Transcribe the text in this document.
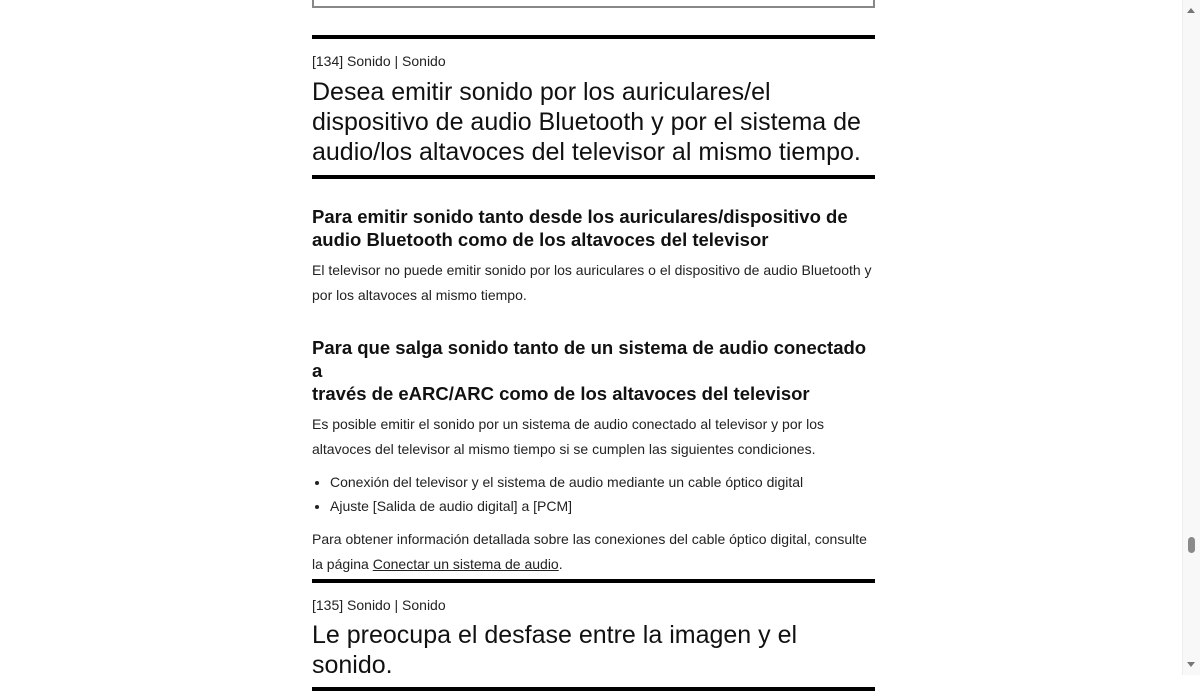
[134] Sonido | Sonido
Desea emitir sonido por los auriculares/el
dispositivo de audio Bluetooth y por el sistema de
audio/los altavoces del televisor al mismo tiempo.
Para emitir sonido tanto desde los auriculares/dispositivo de
audio Bluetooth como de los altavoces del televisor

El televisor no puede emitir sonido por los auriculares o el dispositivo de audio Bluetooth y por los altavoces al mismo tiempo.

Para que salga sonido tanto de un sistema de audio conectado a
través de eARC/ARC como de los altavoces del televisor

Es posible emitir el sonido por un sistema de audio conectado al televisor y por los altavoces del televisor al mismo tiempo si se cumplen las siguientes condiciones.

• Conexión del televisor y el sistema de audio mediante un cable óptico digital
• Ajuste [Salida de audio digital] a [PCM]

Para obtener información detallada sobre las conexiones del cable óptico digital, consulte la página Conectar un sistema de audio.

[135] Sonido | Sonido
Le preocupa el desfase entre la imagen y el sonido.
